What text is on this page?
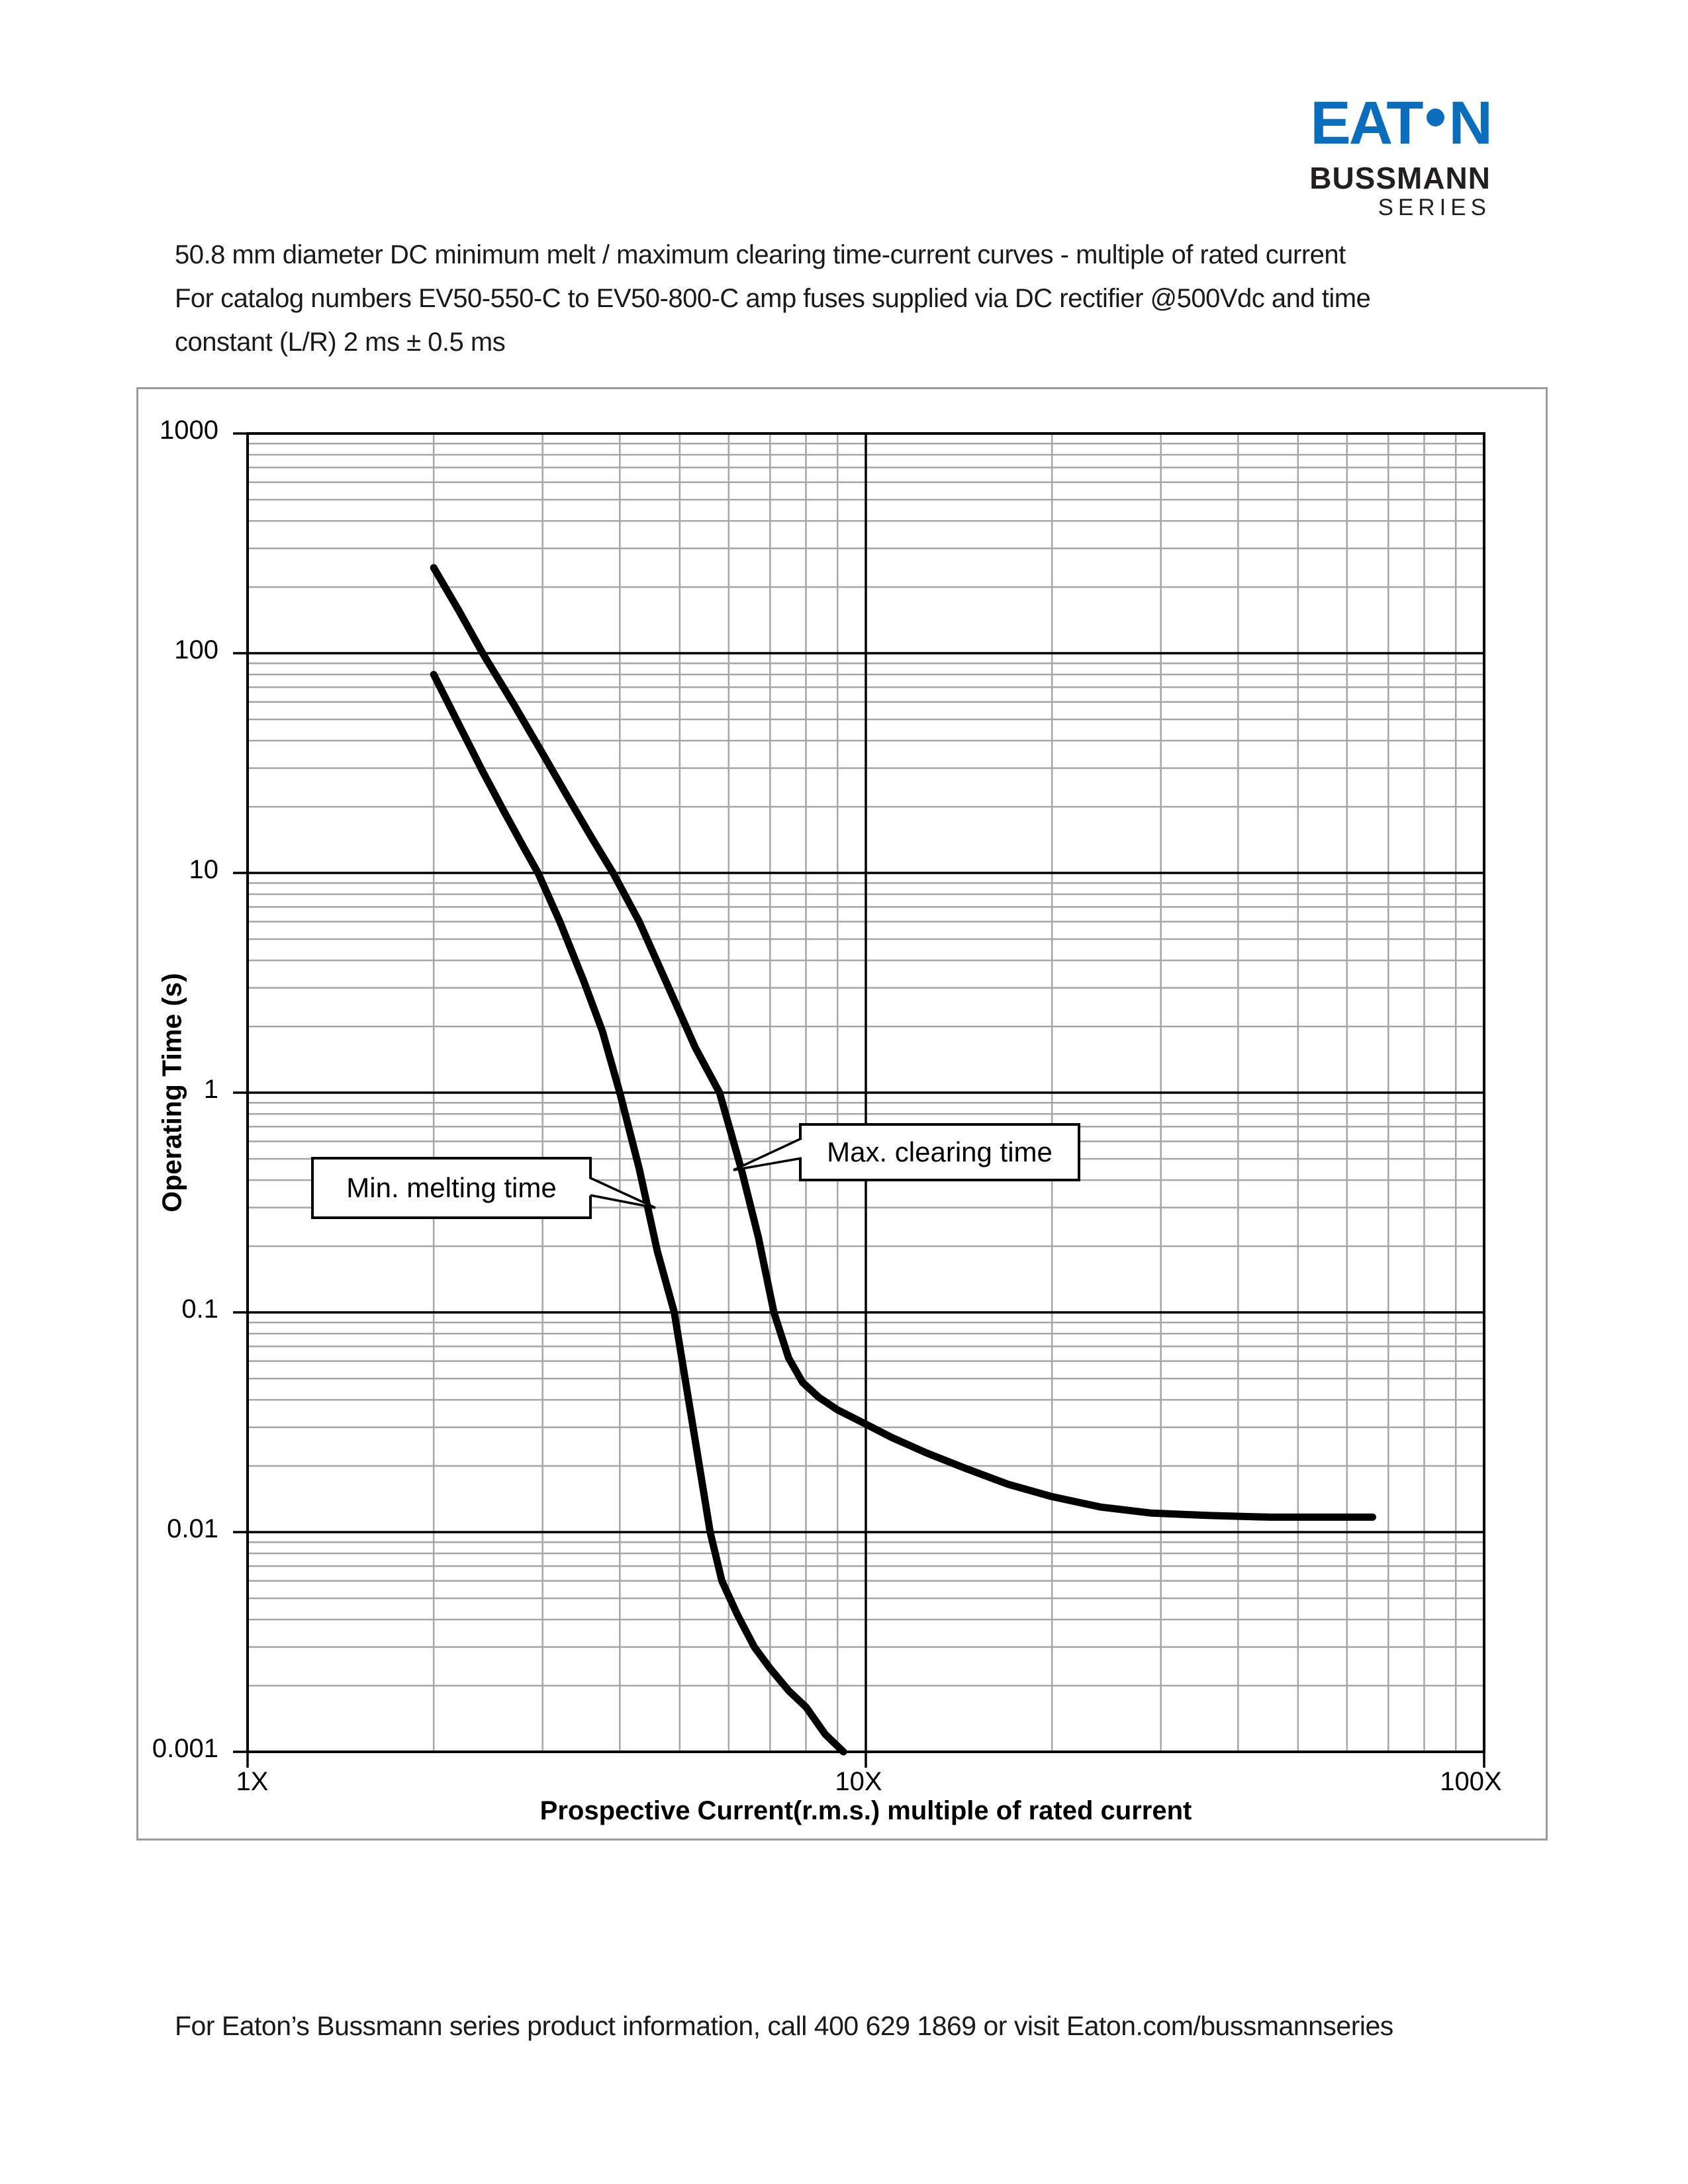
EAT N
BUSSMANN
SERIES
50.8 mm diameter DC minimum melt / maximum clearing time-current curves - multiple of rated current
For catalog numbers EV50-550-C to EV50-800-C amp fuses supplied via DC rectifier @500Vdc and time
constant (L/R) 2 ms ± 0.5 ms
1000
100
10
1
0.1
0.01
0.001
1X	10X	100X
Operating Time (s)
Prospective Current(r.m.s.) multiple of rated current
Min. melting time
Max. clearing time
For Eaton’s Bussmann series product information, call 400 629 1869 or visit Eaton.com/bussmannseries
